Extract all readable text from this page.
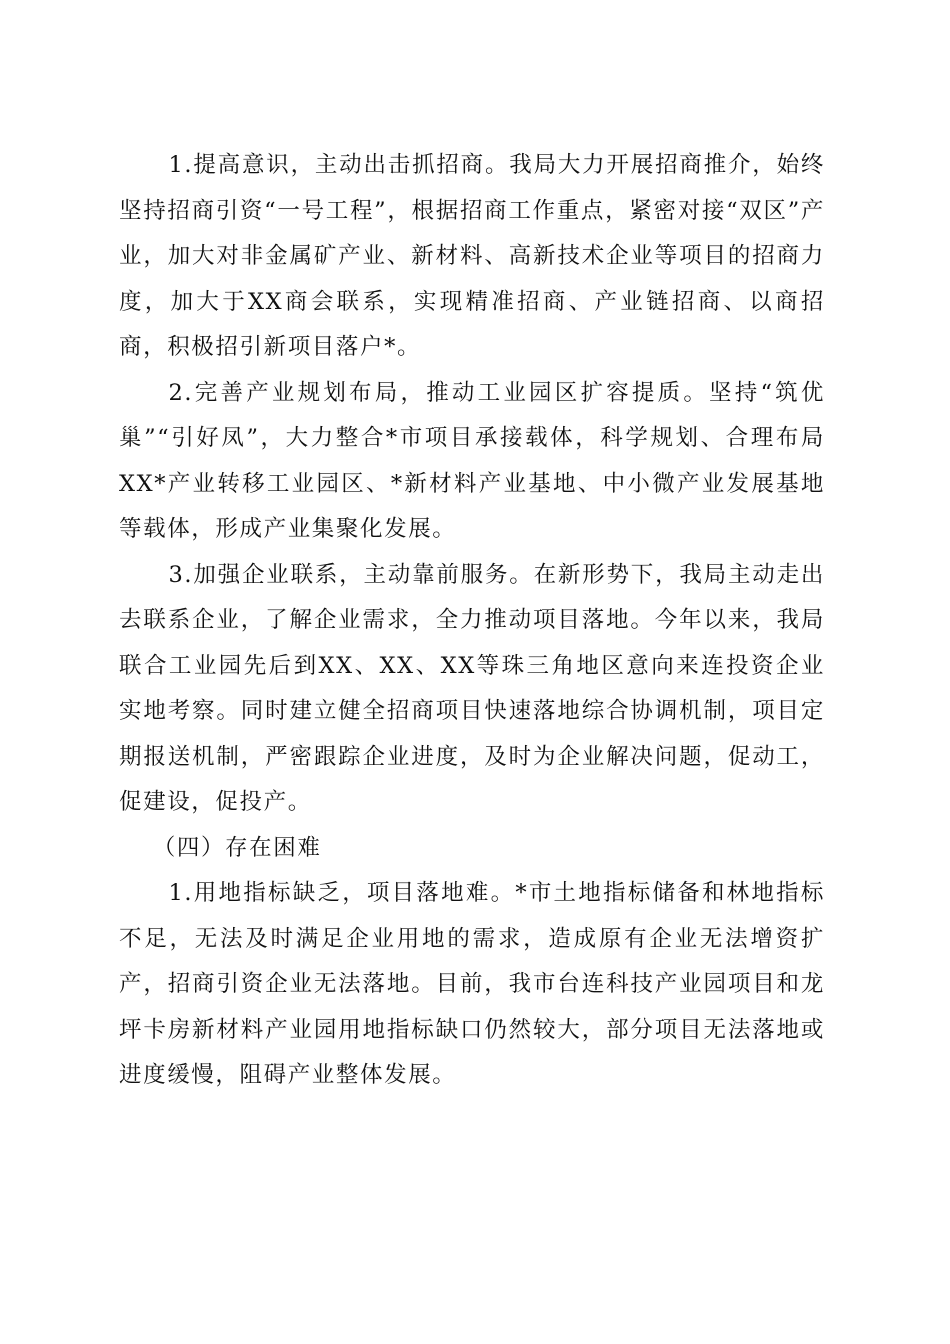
1.提高意识，主动出击抓招商。我局大力开展招商推介，始终坚持招商引资“一号工程”，根据招商工作重点，紧密对接“双区”产业，加大对非金属矿产业、新材料、高新技术企业等项目的招商力度，加大于XX商会联系，实现精准招商、产业链招商、以商招商，积极招引新项目落户*。

2.完善产业规划布局，推动工业园区扩容提质。坚持“筑优巢”“引好凤”，大力整合*市项目承接载体，科学规划、合理布局XX*产业转移工业园区、*新材料产业基地、中小微产业发展基地等载体，形成产业集聚化发展。

3.加强企业联系，主动靠前服务。在新形势下，我局主动走出去联系企业，了解企业需求，全力推动项目落地。今年以来，我局联合工业园先后到XX、XX、XX等珠三角地区意向来连投资企业实地考察。同时建立健全招商项目快速落地综合协调机制，项目定期报送机制，严密跟踪企业进度，及时为企业解决问题，促动工，促建设，促投产。

（四）存在困难

1.用地指标缺乏，项目落地难。*市土地指标储备和林地指标不足，无法及时满足企业用地的需求，造成原有企业无法增资扩产，招商引资企业无法落地。目前，我市台连科技产业园项目和龙坪卡房新材料产业园用地指标缺口仍然较大，部分项目无法落地或进度缓慢，阻碍产业整体发展。
